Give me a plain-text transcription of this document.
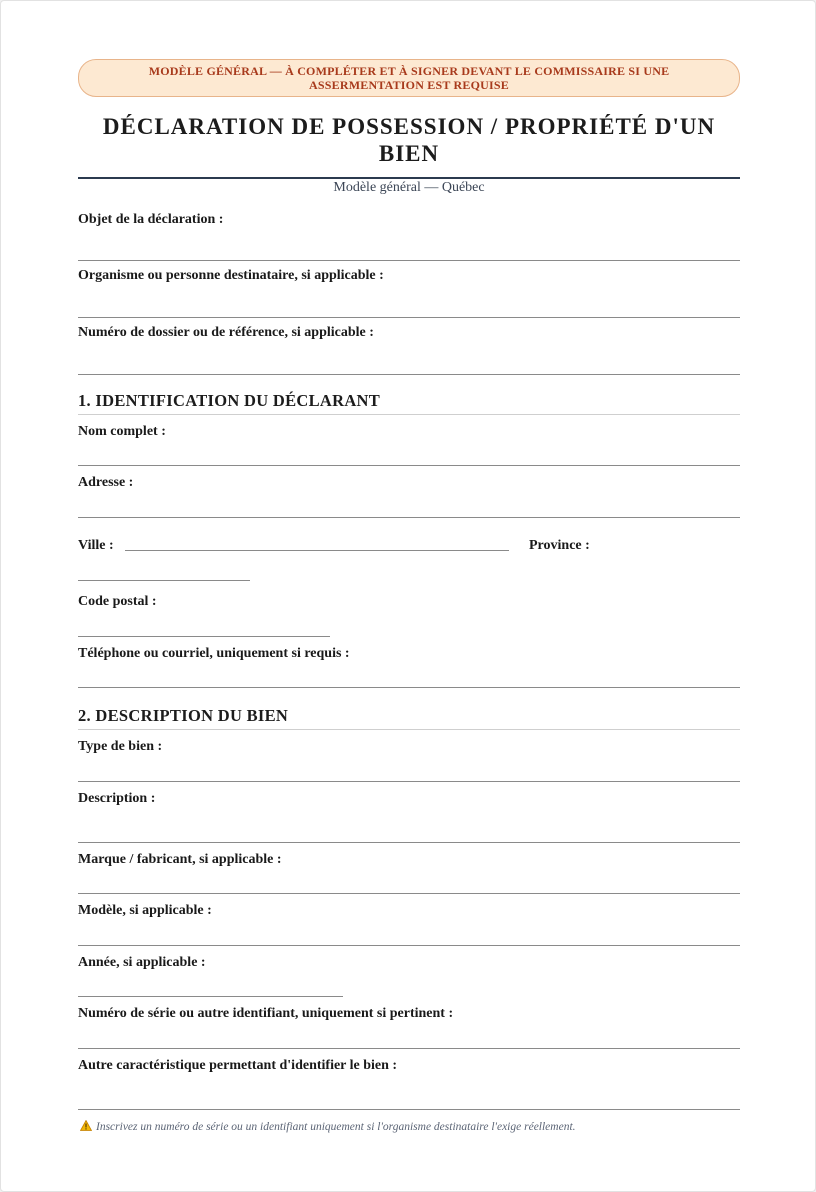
MODÈLE GÉNÉRAL — À COMPLÉTER ET À SIGNER DEVANT LE COMMISSAIRE SI UNE
ASSERMENTATION EST REQUISE
DÉCLARATION DE POSSESSION / PROPRIÉTÉ D'UN
BIEN
Modèle général — Québec
Objet de la déclaration :
Organisme ou personne destinataire, si applicable :
Numéro de dossier ou de référence, si applicable :
1. IDENTIFICATION DU DÉCLARANT
Nom complet :
Adresse :
Ville :	Province :
Code postal :
Téléphone ou courriel, uniquement si requis :
2. DESCRIPTION DU BIEN
Type de bien :
Description :
Marque / fabricant, si applicable :
Modèle, si applicable :
Année, si applicable :
Numéro de série ou autre identifiant, uniquement si pertinent :
Autre caractéristique permettant d'identifier le bien :
Inscrivez un numéro de série ou un identifiant uniquement si l'organisme destinataire l'exige réellement.
